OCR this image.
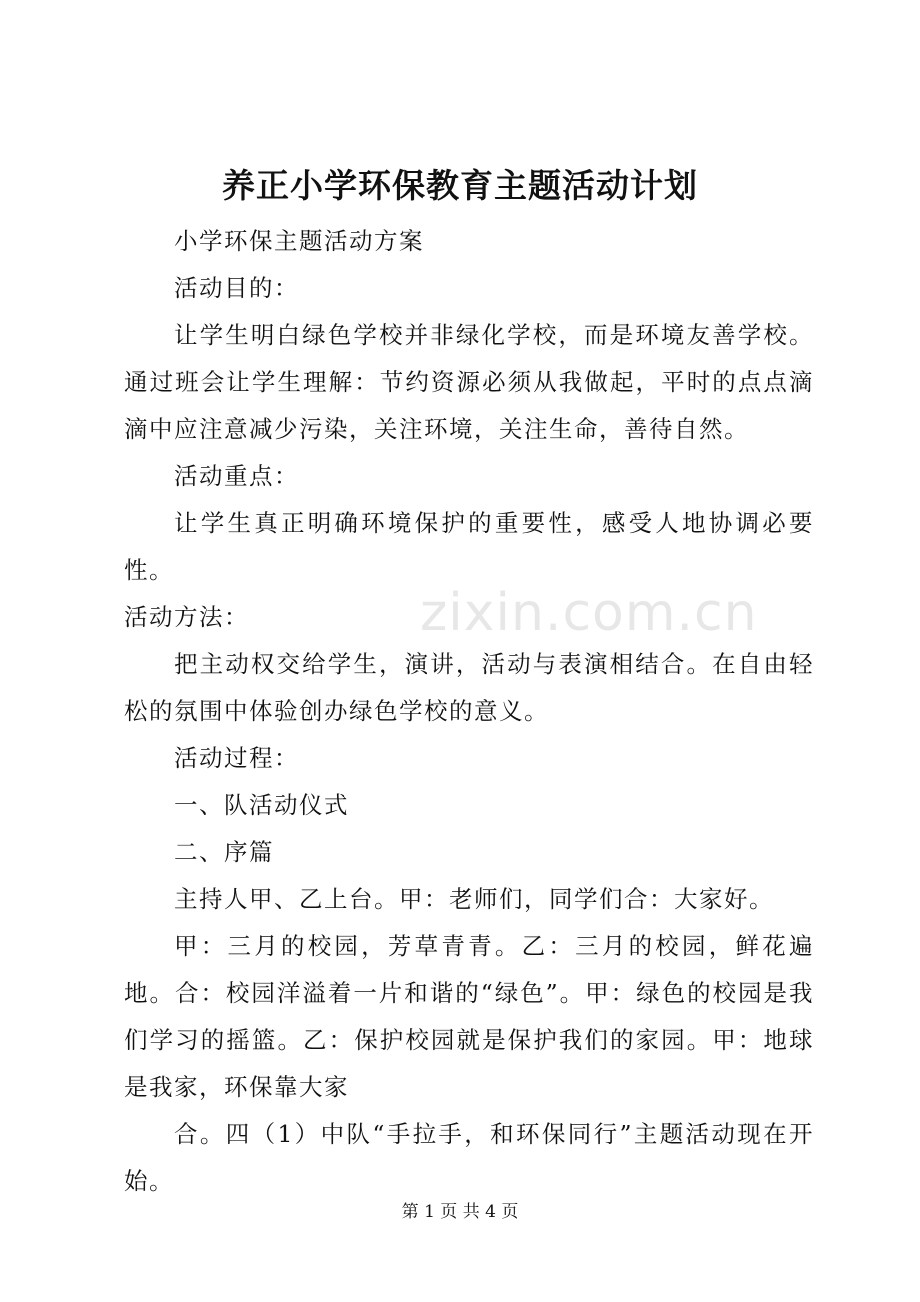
养正小学环保教育主题活动计划

小学环保主题活动方案

活动目的：

让学生明白绿色学校并非绿化学校，而是环境友善学校。通过班会让学生理解：节约资源必须从我做起，平时的点点滴滴中应注意减少污染，关注环境，关注生命，善待自然。

活动重点：

让学生真正明确环境保护的重要性，感受人地协调必要性。

活动方法：

把主动权交给学生，演讲，活动与表演相结合。在自由轻松的氛围中体验创办绿色学校的意义。

活动过程：

一、队活动仪式

二、序篇

主持人甲、乙上台。甲：老师们，同学们合：大家好。

甲：三月的校园，芳草青青。乙：三月的校园，鲜花遍地。合：校园洋溢着一片和谐的“绿色”。甲：绿色的校园是我们学习的摇篮。乙：保护校园就是保护我们的家园。甲：地球是我家，环保靠大家

合。四（1）中队“手拉手，和环保同行”主题活动现在开始。

zixin.com.cn
第 1 页 共 4 页
